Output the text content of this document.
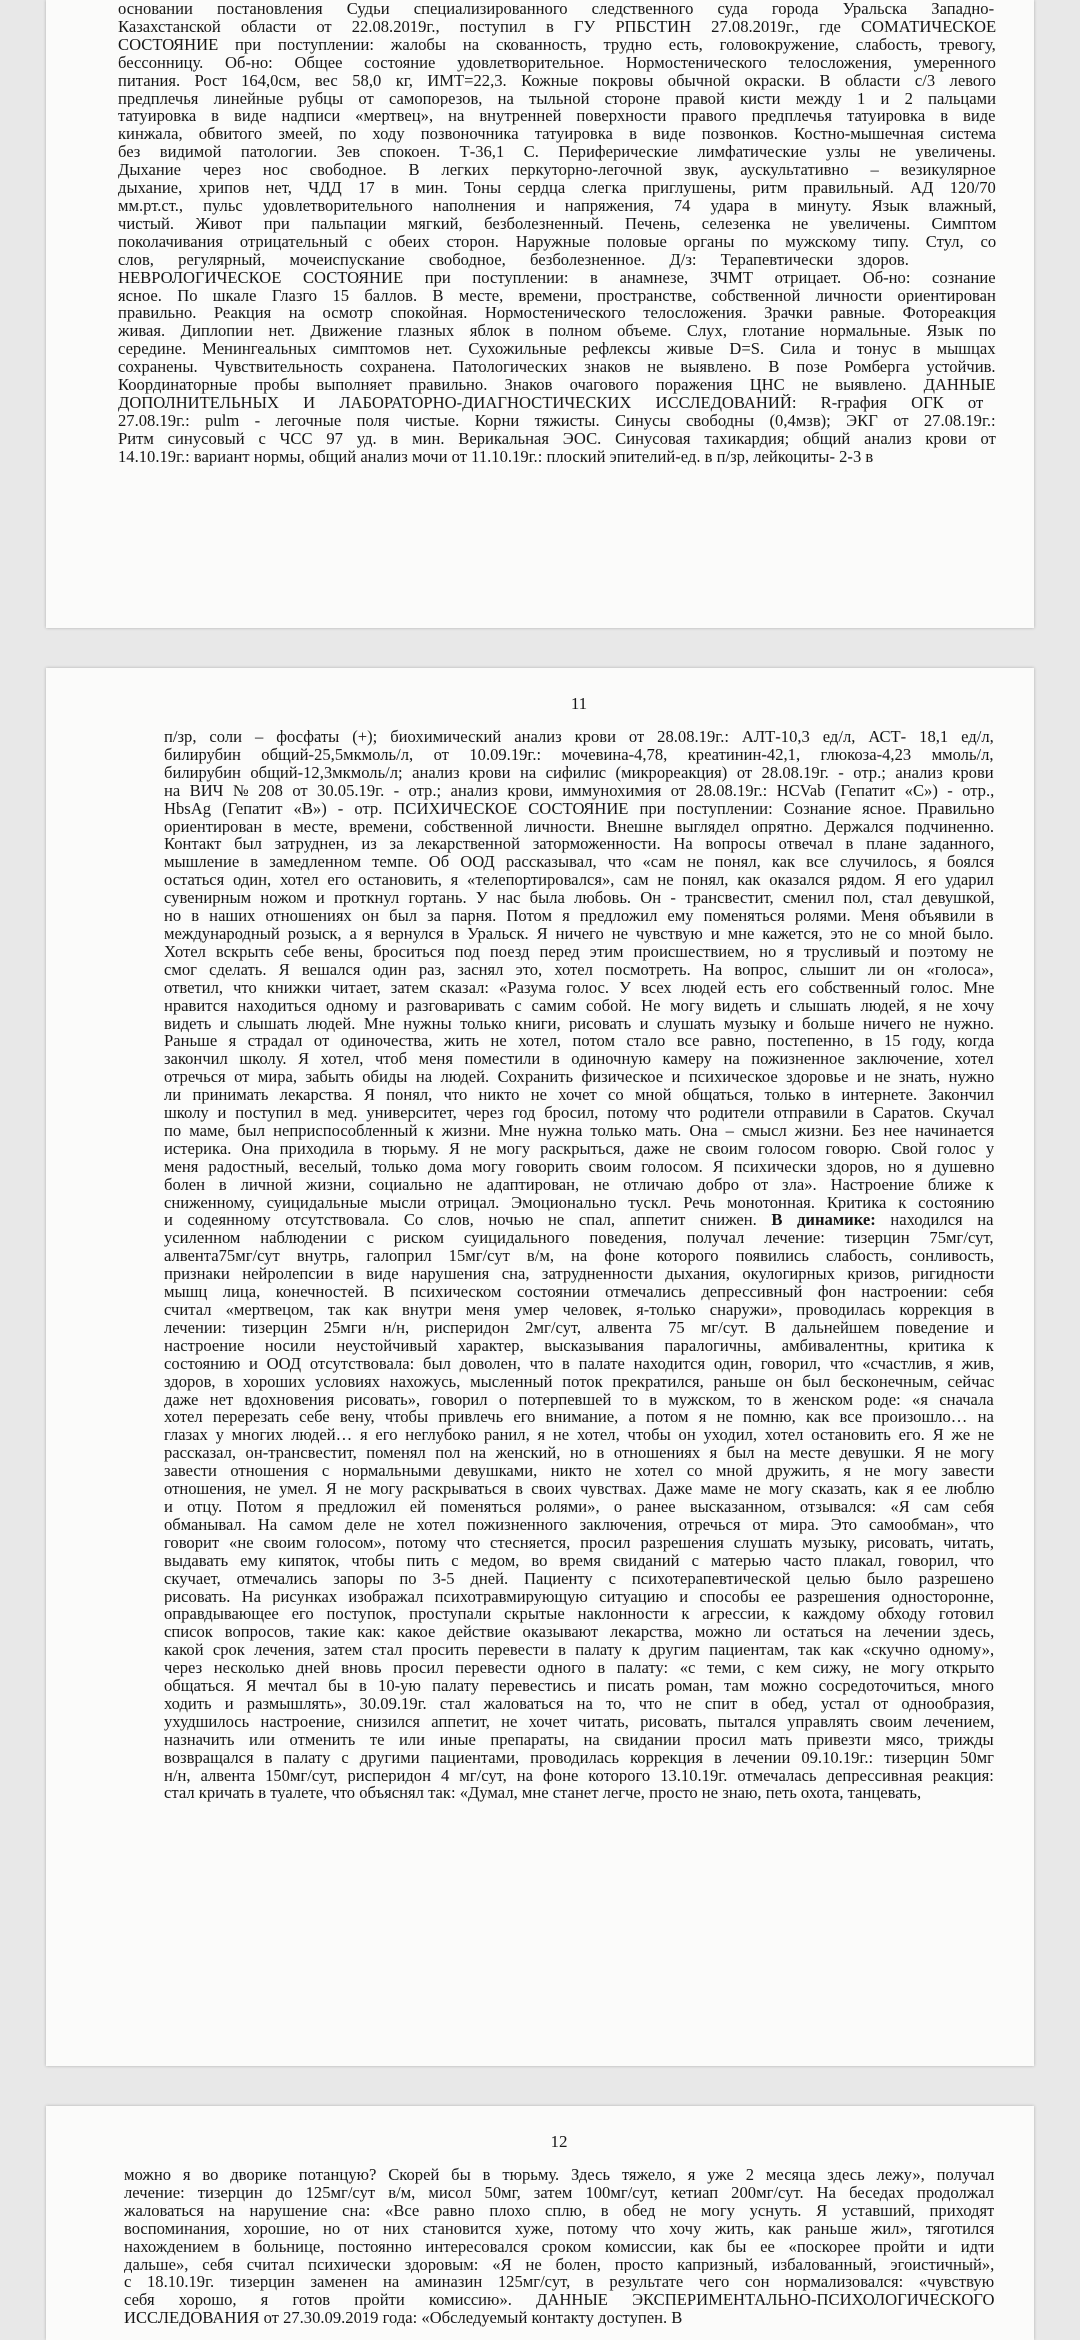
основании постановления Судьи специализированного следственного суда города Уральска Западно-
Казахстанской области от 22.08.2019г., поступил в ГУ РПБСТИН 27.08.2019г., где СОМАТИЧЕСКОЕ
СОСТОЯНИЕ при поступлении: жалобы на скованность, трудно есть, головокружение, слабость, тревогу,
бессонницу. Об-но: Общее состояние удовлетворительное. Нормостенического телосложения, умеренного
питания. Рост 164,0см, вес 58,0 кг, ИМТ=22,3. Кожные покровы обычной окраски. В области с/3 левого
предплечья линейные рубцы от самопорезов, на тыльной стороне правой кисти между 1 и 2 пальцами
татуировка в виде надписи «мертвец», на внутренней поверхности правого предплечья татуировка в виде
кинжала, обвитого змеей, по ходу позвоночника татуировка в виде позвонков. Костно-мышечная система
без видимой патологии. Зев спокоен. Т-36,1 С. Периферические лимфатические узлы не увеличены.
Дыхание через нос свободное. В легких перкуторно-легочной звук, аускультативно – везикулярное
дыхание, хрипов нет, ЧДД 17 в мин. Тоны сердца слегка приглушены, ритм правильный. АД 120/70
мм.рт.ст., пульс удовлетворительного наполнения и напряжения, 74 удара в минуту. Язык влажный,
чистый. Живот при пальпации мягкий, безболезненный. Печень, селезенка не увеличены. Симптом
поколачивания отрицательный с обеих сторон. Наружные половые органы по мужскому типу. Стул, со
слов, регулярный, мочеиспускание свободное, безболезненное. Д/з: Терапевтически здоров.
НЕВРОЛОГИЧЕСКОЕ СОСТОЯНИЕ при поступлении: в анамнезе, ЗЧМТ отрицает. Об-но: сознание
ясное. По шкале Глазго 15 баллов. В месте, времени, пространстве, собственной личности ориентирован
правильно. Реакция на осмотр спокойная. Нормостенического телосложения. Зрачки равные. Фотореакция
живая. Диплопии нет. Движение глазных яблок в полном объеме. Слух, глотание нормальные. Язык по
середине. Менингеальных симптомов нет. Сухожильные рефлексы живые D=S. Сила и тонус в мышцах
сохранены. Чувствительность сохранена. Патологических знаков не выявлено. В позе Ромберга устойчив.
Координаторные пробы выполняет правильно. Знаков очагового поражения ЦНС не выявлено. ДАННЫЕ
ДОПОЛНИТЕЛЬНЫХ И ЛАБОРАТОРНО-ДИАГНОСТИЧЕСКИХ ИССЛЕДОВАНИЙ: R-графия ОГК от
27.08.19г.: pulm - легочные поля чистые. Корни тяжисты. Синусы свободны (0,4мзв); ЭКГ от 27.08.19г.:
Ритм синусовый с ЧСС 97 уд. в мин. Верикальная ЭОС. Синусовая тахикардия; общий анализ крови от
14.10.19г.: вариант нормы, общий анализ мочи от 11.10.19г.: плоский эпителий-ед. в п/зр, лейкоциты- 2-3 в
11
п/зр, соли – фосфаты (+); биохимический анализ крови от 28.08.19г.: АЛТ-10,3 ед/л, АСТ- 18,1 ед/л,
билирубин общий-25,5мкмоль/л, от 10.09.19г.: мочевина-4,78, креатинин-42,1, глюкоза-4,23 ммоль/л,
билирубин общий-12,3мкмоль/л; анализ крови на сифилис (микрореакция) от 28.08.19г. - отр.; анализ крови
на ВИЧ № 208 от 30.05.19г. - отр.; анализ крови, иммунохимия от 28.08.19г.: HCVab (Гепатит «С») - отр.,
HbsAg (Гепатит «В») - отр. ПСИХИЧЕСКОЕ СОСТОЯНИЕ при поступлении: Сознание ясное. Правильно
ориентирован в месте, времени, собственной личности. Внешне выглядел опрятно. Держался подчиненно.
Контакт был затруднен, из за лекарственной заторможенности. На вопросы отвечал в плане заданного,
мышление в замедленном темпе. Об ООД рассказывал, что «сам не понял, как все случилось, я боялся
остаться один, хотел его остановить, я «телепортировался», сам не понял, как оказался рядом. Я его ударил
сувенирным ножом и проткнул гортань. У нас была любовь. Он - трансвестит, сменил пол, стал девушкой,
но в наших отношениях он был за парня. Потом я предложил ему поменяться ролями. Меня объявили в
международный розыск, а я вернулся в Уральск. Я ничего не чувствую и мне кажется, это не со мной было.
Хотел вскрыть себе вены, броситься под поезд перед этим происшествием, но я трусливый и поэтому не
смог сделать. Я вешался один раз, заснял это, хотел посмотреть. На вопрос, слышит ли он «голоса»,
ответил, что книжки читает, затем сказал: «Разума голос. У всех людей есть его собственный голос. Мне
нравится находиться одному и разговаривать с самим собой. Не могу видеть и слышать людей, я не хочу
видеть и слышать людей. Мне нужны только книги, рисовать и слушать музыку и больше ничего не нужно.
Раньше я страдал от одиночества, жить не хотел, потом стало все равно, постепенно, в 15 году, когда
закончил школу. Я хотел, чтоб меня поместили в одиночную камеру на пожизненное заключение, хотел
отречься от мира, забыть обиды на людей. Сохранить физическое и психическое здоровье и не знать, нужно
ли принимать лекарства. Я понял, что никто не хочет со мной общаться, только в интернете. Закончил
школу и поступил в мед. университет, через год бросил, потому что родители отправили в Саратов. Скучал
по маме, был неприспособленный к жизни. Мне нужна только мать. Она – смысл жизни. Без нее начинается
истерика. Она приходила в тюрьму. Я не могу раскрыться, даже не своим голосом говорю. Свой голос у
меня радостный, веселый, только дома могу говорить своим голосом. Я психически здоров, но я душевно
болен в личной жизни, социально не адаптирован, не отличаю добро от зла». Настроение ближе к
сниженному, суицидальные мысли отрицал. Эмоционально тускл. Речь монотонная. Критика к состоянию
и содеянному отсутствовала. Со слов, ночью не спал, аппетит снижен. В динамике: находился на
усиленном наблюдении с риском суицидального поведения, получал лечение: тизерцин 75мг/сут,
алвента75мг/сут внутрь, галоприл 15мг/сут в/м, на фоне которого появились слабость, сонливость,
признаки нейролепсии в виде нарушения сна, затрудненности дыхания, окулогирных кризов, ригидности
мышц лица, конечностей. В психическом состоянии отмечались депрессивный фон настроении: себя
считал «мертвецом, так как внутри меня умер человек, я-только снаружи», проводилась коррекция в
лечении: тизерцин 25мги н/н, рисперидон 2мг/сут, алвента 75 мг/сут. В дальнейшем поведение и
настроение носили неустойчивый характер, высказывания паралогичны, амбивалентны, критика к
состоянию и ООД отсутствовала: был доволен, что в палате находится один, говорил, что «счастлив, я жив,
здоров, в хороших условиях нахожусь, мысленный поток прекратился, раньше он был бесконечным, сейчас
даже нет вдохновения рисовать», говорил о потерпевшей то в мужском, то в женском роде: «я сначала
хотел перерезать себе вену, чтобы привлечь его внимание, а потом я не помню, как все произошло… на
глазах у многих людей… я его неглубоко ранил, я не хотел, чтобы он уходил, хотел остановить его. Я же не
рассказал, он-трансвестит, поменял пол на женский, но в отношениях я был на месте девушки. Я не могу
завести отношения с нормальными девушками, никто не хотел со мной дружить, я не могу завести
отношения, не умел. Я не могу раскрываться в своих чувствах. Даже маме не могу сказать, как я ее люблю
и отцу. Потом я предложил ей поменяться ролями», о ранее высказанном, отзывался: «Я сам себя
обманывал. На самом деле не хотел пожизненного заключения, отречься от мира. Это самообман», что
говорит «не своим голосом», потому что стесняется, просил разрешения слушать музыку, рисовать, читать,
выдавать ему кипяток, чтобы пить с медом, во время свиданий с матерью часто плакал, говорил, что
скучает, отмечались запоры по 3-5 дней. Пациенту с психотерапевтической целью было разрешено
рисовать. На рисунках изображал психотравмирующую ситуацию и способы ее разрешения односторонне,
оправдывающее его поступок, проступали скрытые наклонности к агрессии, к каждому обходу готовил
список вопросов, такие как: какое действие оказывают лекарства, можно ли остаться на лечении здесь,
какой срок лечения, затем стал просить перевести в палату к другим пациентам, так как «скучно одному»,
через несколько дней вновь просил перевести одного в палату: «с теми, с кем сижу, не могу открыто
общаться. Я мечтал бы в 10-ую палату перевестись и писать роман, там можно сосредоточиться, много
ходить и размышлять», 30.09.19г. стал жаловаться на то, что не спит в обед, устал от однообразия,
ухудшилось настроение, снизился аппетит, не хочет читать, рисовать, пытался управлять своим лечением,
назначить или отменить те или иные препараты, на свидании просил мать привезти мясо, трижды
возвращался в палату с другими пациентами, проводилась коррекция в лечении 09.10.19г.: тизерцин 50мг
н/н, алвента 150мг/сут, рисперидон 4 мг/сут, на фоне которого 13.10.19г. отмечалась депрессивная реакция:
стал кричать в туалете, что объяснял так: «Думал, мне станет легче, просто не знаю, петь охота, танцевать,
12
можно я во дворике потанцую? Скорей бы в тюрьму. Здесь тяжело, я уже 2 месяца здесь лежу», получал
лечение: тизерцин до 125мг/сут в/м, мисол 50мг, затем 100мг/сут, кетиап 200мг/сут. На беседах продолжал
жаловаться на нарушение сна: «Все равно плохо сплю, в обед не могу уснуть. Я уставший, приходят
воспоминания, хорошие, но от них становится хуже, потому что хочу жить, как раньше жил», тяготился
нахождением в больнице, постоянно интересовался сроком комиссии, как бы ее «поскорее пройти и идти
дальше», себя считал психически здоровым: «Я не болен, просто капризный, избалованный, эгоистичный»,
с 18.10.19г. тизерцин заменен на аминазин 125мг/сут, в результате чего сон нормализовался: «чувствую
себя хорошо, я готов пройти комиссию». ДАННЫЕ ЭКСПЕРИМЕНТАЛЬНО-ПСИХОЛОГИЧЕСКОГО
ИССЛЕДОВАНИЯ от 27.30.09.2019 года: «Обследуемый контакту доступен. В
